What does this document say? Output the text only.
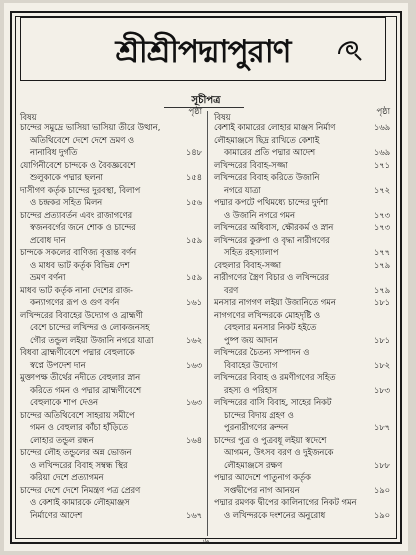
শ্রীশ্রীপদ্মাপুরাণ
সূচীপত্র
বিষয়
পৃষ্ঠা
চান্দের সমুদ্রে ভাসিয়া ভাসিয়া তীরে উত্থান,
অতিথিবেশে দেশে দেশে ভ্রমণ ও
নানাবিধ দুর্গতি	১৪৮
যোগিনীবেশে চান্দকে ও বৈবজ্ঞবেশে
শুলুকাকে পদ্মার ছলনা	১৫৪
দাসীগণ কর্তৃক চান্দের দুরবস্থা, বিলাপ
ও চন্দ্রকর সহিত মিলন	১৫৬
চান্দের প্রত্যাবর্তন এবং রাজাগণের
স্বজনবর্গের জনে শোক ও চান্দের
প্রবোধ দান	১৫৯
চান্দকে সকলের বাণিজ্য বৃত্তান্ত বর্ণন
ও মাধব ভাট কর্তৃক বিভিন্ন দেশ
ভ্রমণ বর্ণনা	১৫৯
মাধব ভাট কর্তৃক নানা দেশের রাজ-
কন্যাগণের রূপ ও গুণ বর্ণন	১৬১
লখিন্দরের বিবাহের উদ্যোগ ও ব্রাহ্মণী
বেশে চান্দের লখিন্দর ও লোকজনসহ
গৌর তন্ডুল লইয়া উজানি নগরে যাত্রা	১৬২
বিধবা ব্রাহ্মণীবেশে পদ্মার বেহুলাকে
স্বপ্নে উপদেশ দান	১৬৩
মুক্তাপক্ষ তীর্থের নদীতে বেহুলার স্নান
করিতে গমন ও পদ্মার ব্রাহ্মণীবেশে
বেহুলাকে শাপ দেওন	১৬৩
চান্দের অতিথিবেশে সাহরায় সমীপে
গমন ও বেহুলার কাঁচা হাঁড়িতে
লোহার তন্ডুল রন্ধন	১৬৪
চান্দের লৌহ তন্ডুলের অন্ন ভোজন
ও লখিন্দরের বিবাহ সম্বন্ধ স্থির
করিয়া দেশে প্রত্যাগমন
চান্দের দেশে দেশে নিমন্ত্রণ পত্র প্রেরণ
ও কেশাই কামারকে লৌহমাঞ্জস
নির্মাণের আদেশ	১৬৭
বিষয়
পৃষ্ঠা
কেশাই কামারের লোহার মাঞ্জস নির্মাণ	১৬৯
লৌহমাঞ্জসে ছিদ্র রাখিতে কেশাই
কামারের প্রতি পদ্মার আদেশ	১৬৯
লখিন্দরের বিবাহ-সজ্জা	১৭১
লখিন্দরের বিবাহ করিতে উজানি
নগরে যাত্রা	১৭২
পদ্মার কপটে পথিমধ্যে চান্দের দুর্দশা
ও উজানি নগরে গমন	১৭৩
লখিন্দরের অধিবাস, ক্ষৌরকর্ম ও স্নান	১৭৩
লখিন্দরের কুরুপা ও বৃদ্ধা নারীগণের
সহিত রহস্যালাপ	১৭৭
বেহুলার বিবাহ-সজ্জা	১৭৯
নারীগণের স্ত্রৈণ বিচার ও লখিন্দরের
বরণ	১৭৯
মনসার নাগগণ লইয়া উজানিতে গমন	১৮১
নাগগণের লখিন্দরকে মোহদৃষ্টি ও
বেহুলার মনসার নিকট হইতে
পুষ্প জয় আদান	১৮১
লখিন্দরের চৈতন্য সম্পাদন ও
বিবাহের উদ্যোগ	১৮২
লখিন্দরের বিবাহ ও রমণীগণের সহিত
রহস্য ও পরিহাস	১৮৩
লখিন্দরের বাসি বিবাহ, সাহের নিকট
চান্দের বিদায় গ্রহণ ও
পুরনারীগণের ক্রন্দন	১৮৭
চান্দের পুত্র ও পুত্রবধূ লইয়া স্বদেশে
আগমন, উৎসব বরণ ও দুইজনকে
লৌহমাঞ্জসে রক্ষণ	১৮৮
পদ্মার আদেশে পাতুনাগ কর্তৃক
সপ্তদ্বীপের নাগ আনয়ন	১৯০
পদ্মার রমণক দ্বীপের কালিনাগের নিকট গমন
ও লখিন্দরকে দংশনের অনুরোধ	১৯০
৬
